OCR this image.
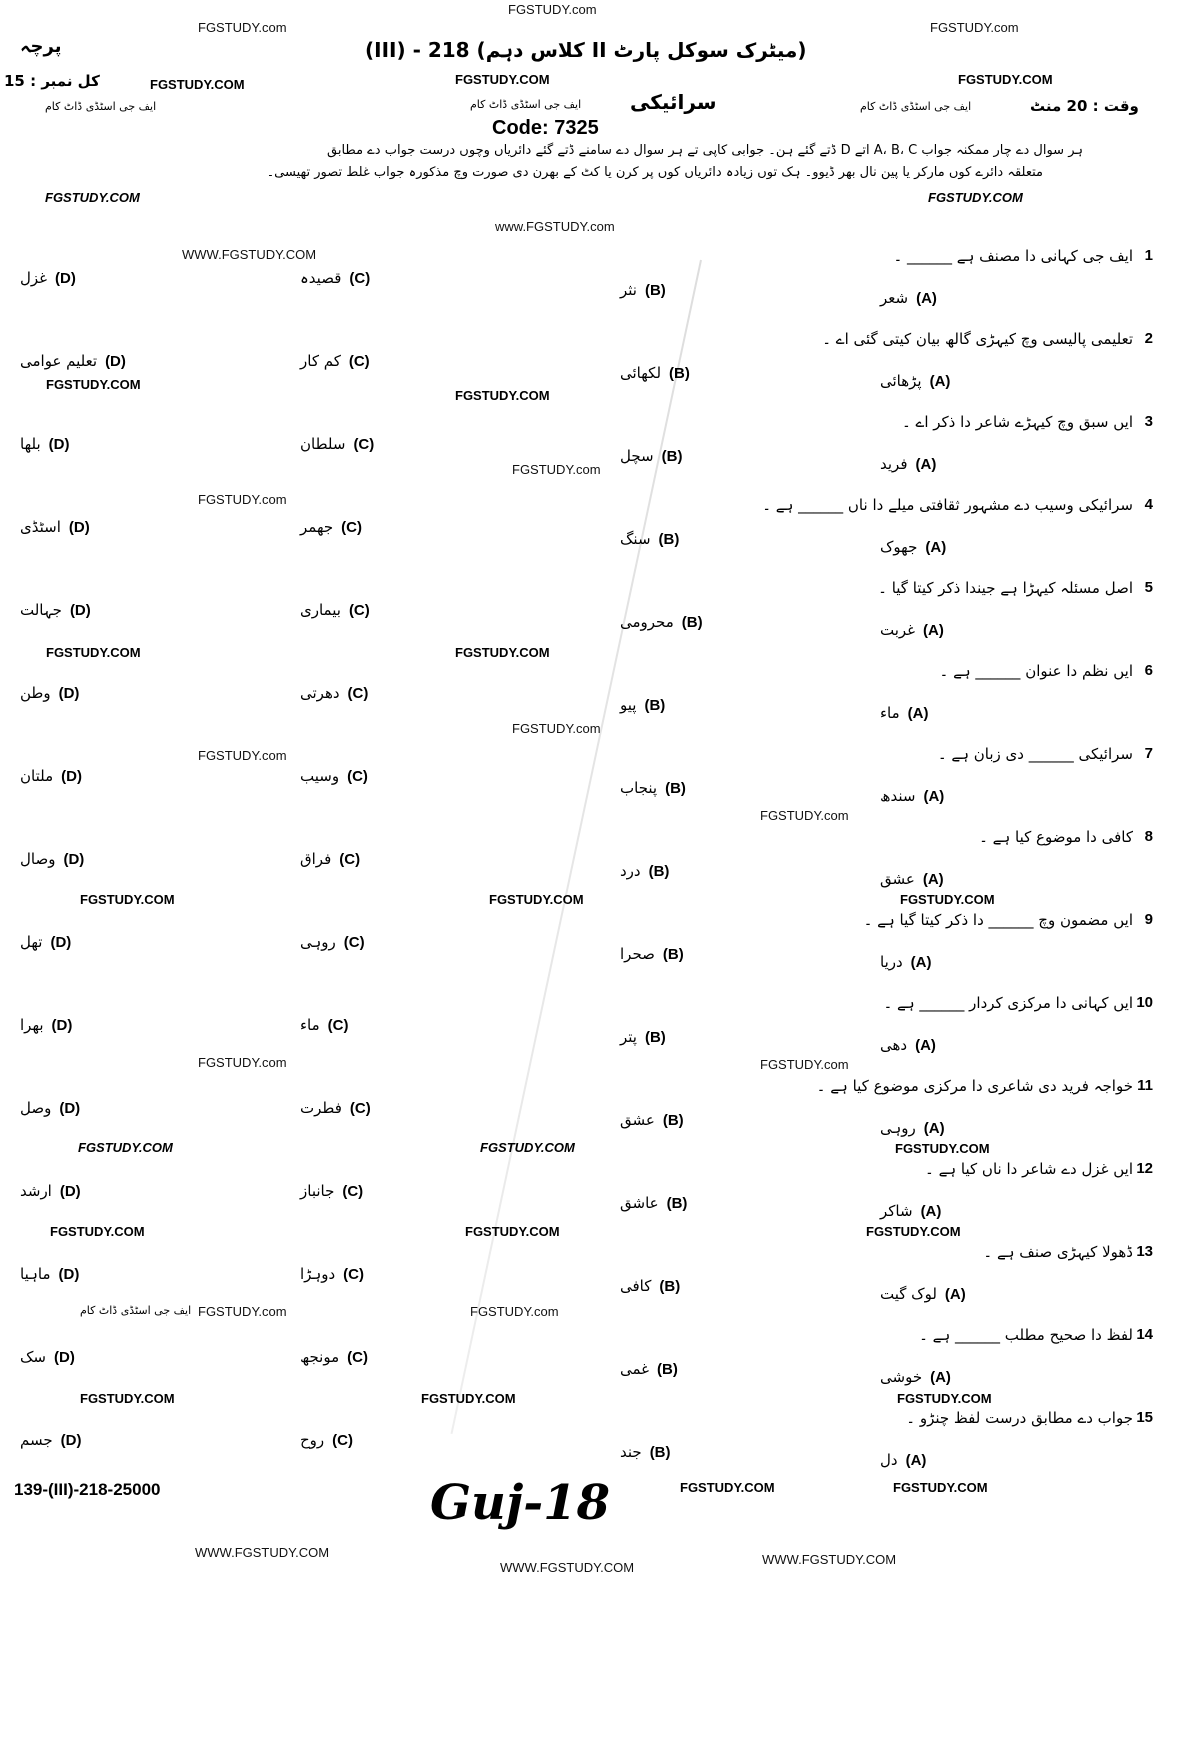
FGSTUDY.com
پرچہ
FGSTUDY.com
(میٹرک سوکل پارٹ II کلاس دہم) 218 - (III)
FGSTUDY.com
کل نمبر : 15	FGSTUDY.COM	FGSTUDY.COM	FGSTUDY.COM
سرائیکی
ایف جی اسٹڈی ڈاٹ کام	ایف جی اسٹڈی ڈاٹ کام	ایف جی اسٹڈی ڈاٹ کام	وقت : 20 منٹ
Code: 7325
ہر سوال دے چار ممکنہ جواب A، B، C اتے D ڈتے گئے ہن۔ جوابی کاپی تے ہر سوال دے سامنے ڈتے گئے دائریاں وچوں درست جواب دے مطابق
متعلقہ دائرے کوں مارکر یا پین نال بھر ڈیوو۔ ہک توں زیادہ دائریاں کوں پر کرن یا کٹ کے بھرن دی صورت وچ مذکورہ جواب غلط تصور تھیسی۔
FGSTUDY.COM	FGSTUDY.COM
www.FGSTUDY.com
1
ایف جی کہانی دا مصنف ہے ______ ۔
شعر (A)
نثر (B)
قصیدہ (C)
غزل (D)
2
تعلیمی پالیسی وچ کیہڑی گالھ بیان کیتی گئی اے ۔
پڑھائی (A)
لکھائی (B)
کم کار (C)
تعلیم عوامی (D)
3
ایں سبق وچ کیہڑے شاعر دا ذکر اے ۔
فرید (A)
سچل (B)
سلطان (C)
بلھا (D)
4
سرائیکی وسیب دے مشہور ثقافتی میلے دا ناں ______ ہے ۔
جھوک (A)
سنگ (B)
جھمر (C)
اسٹڈی (D)
5
اصل مسئلہ کیہڑا ہے جیندا ذکر کیتا گیا ۔
غربت (A)
محرومی (B)
بیماری (C)
جہالت (D)
6
ایں نظم دا عنوان ______ ہے ۔
ماء (A)
پیو (B)
دھرتی (C)
وطن (D)
7
سرائیکی ______ دی زبان ہے ۔
سندھ (A)
پنجاب (B)
وسیب (C)
ملتان (D)
8
کافی دا موضوع کیا ہے ۔
عشق (A)
درد (B)
فراق (C)
وصال (D)
9
ایں مضمون وچ ______ دا ذکر کیتا گیا ہے ۔
دریا (A)
صحرا (B)
روہی (C)
تھل (D)
10
ایں کہانی دا مرکزی کردار ______ ہے ۔
دھی (A)
پتر (B)
ماء (C)
بھرا (D)
11
خواجہ فرید دی شاعری دا مرکزی موضوع کیا ہے ۔
روہی (A)
عشق (B)
فطرت (C)
وصل (D)
12
ایں غزل دے شاعر دا ناں کیا ہے ۔
شاکر (A)
عاشق (B)
جانباز (C)
ارشد (D)
13
ڈھولا کیہڑی صنف ہے ۔
لوک گیت (A)
کافی (B)
دوہڑا (C)
ماہیا (D)
14
لفظ دا صحیح مطلب ______ ہے ۔
خوشی (A)
غمی (B)
مونجھ (C)
سک (D)
15
جواب دے مطابق درست لفظ چنڑو ۔
دل (A)
جند (B)
روح (C)
جسم (D)
WWW.FGSTUDY.COM
FGSTUDY.COM
FGSTUDY.COM
FGSTUDY.com
FGSTUDY.com
FGSTUDY.COM	FGSTUDY.COM
FGSTUDY.com
FGSTUDY.com
FGSTUDY.com
FGSTUDY.COM	FGSTUDY.COM	FGSTUDY.COM
FGSTUDY.com	FGSTUDY.com
FGSTUDY.COM	FGSTUDY.COM	FGSTUDY.COM
FGSTUDY.COM	FGSTUDY.COM	FGSTUDY.COM
FGSTUDY.com
ایف جی اسٹڈی ڈاٹ کام FGSTUDY.com
FGSTUDY.COM	FGSTUDY.COM	FGSTUDY.COM
139-(III)-218-25000	FGSTUDY.COM	FGSTUDY.COM
Guj-18
WWW.FGSTUDY.COM
WWW.FGSTUDY.COM	WWW.FGSTUDY.COM
